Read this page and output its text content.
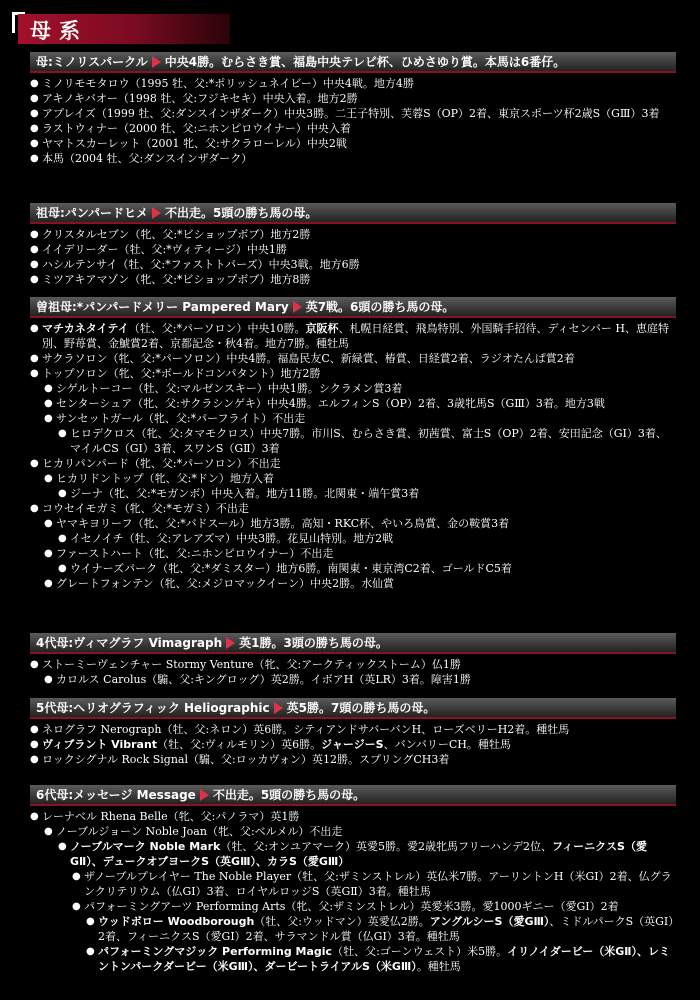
母系
母:ミノリスパークル 中央4勝。むらさき賞、福島中央テレビ杯、ひめさゆり賞。本馬は6番仔。
● ミノリモモタロウ（1995 牡、父:*ポリッシュネイビー）中央4戦。地方4勝
● アキノキバオー（1998 牡、父:フジキセキ）中央入着。地方2勝
● アプレイズ（1999 牡、父:ダンスインザダーク）中央3勝。二王子特別、芙蓉S（OP）2着、東京スポーツ杯2歳S（GⅢ）3着
● ラストウィナー（2000 牡、父:ニホンピロウイナー）中央入着
● ヤマトスカーレット（2001 牝、父:サクラローレル）中央2戦
● 本馬（2004 牡、父:ダンスインザダーク）
祖母:パンパードヒメ 不出走。5頭の勝ち馬の母。
● クリスタルセブン（牝、父:*ビショップボブ）地方2勝
● イイデリーダー（牡、父:*ヴィティージ）中央1勝
● ハシルテンサイ（牡、父:*ファストトパーズ）中央3戦。地方6勝
● ミツアキアマゾン（牝、父:*ビショップボブ）地方8勝
曽祖母:*パンパードメリー Pampered Mary 英7戦。6頭の勝ち馬の母。
● マチカネタイテイ（牡、父:*パーソロン）中央10勝。京阪杯、札幌日経賞、飛鳥特別、外国騎手招待、ディセンバー H、恵庭特別、野苺賞、金鯱賞2着、京都記念・秋4着。地方7勝。種牡馬
● サクラソロン（牝、父:*パーソロン）中央4勝。福島民友C、新緑賞、椿賞、日経賞2着、ラジオたんぱ賞2着
● トップソロン（牝、父:*ボールドコンパタント）地方2勝
● シゲルトーコー（牡、父:マルゼンスキー）中央1勝。シクラメン賞3着
● センターシュア（牝、父:サクラシンゲキ）中央4勝。エルフィンS（OP）2着、3歳牝馬S（GⅢ）3着。地方3戦
● サンセットガール（牝、父:*パーフライト）不出走
● ヒロデクロス（牝、父:タマモクロス）中央7勝。市川S、むらさき賞、初茜賞、富士S（OP）2着、安田記念（GⅠ）3着、マイルCS（GⅠ）3着、スワンS（GⅡ）3着
● ヒカリパンパード（牝、父:*パーソロン）不出走
● ヒカリドントップ（牝、父:*ドン）地方入着
● ジーナ（牝、父:*モガンボ）中央入着。地方11勝。北関東・端午賞3着
● コウセイモガミ（牝、父:*モガミ）不出走
● ヤマキヨリーフ（牝、父:*バドスール）地方3勝。高知・RKC杯、やいろ鳥賞、金の鞍賞3着
● イセノイチ（牡、父:アレアズマ）中央3勝。花見山特別。地方2戦
● ファーストハート（牝、父:ニホンピロウイナー）不出走
● ウイナーズパーク（牝、父:*ダミスター）地方6勝。南関東・東京湾C2着、ゴールドC5着
● グレートフォンテン（牝、父:メジロマックイーン）中央2勝。水仙賞
4代母:ヴィマグラフ Vimagraph 英1勝。3頭の勝ち馬の母。
● ストーミーヴェンチャー Stormy Venture（牝、父:アークティックストーム）仏1勝
● カロルス Carolus（騸、父:キングロッグ）英2勝。イボアH（英LR）3着。障害1勝
5代母:ヘリオグラフィック Heliographic 英5勝。7頭の勝ち馬の母。
● ネログラフ Nerograph（牡、父:ネロン）英6勝。シティアンドサバーバンH、ローズベリーH2着。種牡馬
● ヴィブラント Vibrant（牡、父:ヴィルモリン）英6勝。ジャージーS、バンバリーCH。種牡馬
● ロックシグナル Rock Signal（騸、父:ロッカヴォン）英12勝。スプリングCH3着
6代母:メッセージ Message 不出走。5頭の勝ち馬の母。
● レーナベル Rhena Belle（牝、父:パノラマ）英1勝
● ノーブルジョーン Noble Joan（牝、父:ベルメル）不出走
● ノーブルマーク Noble Mark（牡、父:オンユアマーク）英愛5勝。愛2歳牝馬フリーハンデ2位、フィーニクスS（愛GⅡ）、デュークオブヨークS（英GⅢ）、カラS（愛GⅢ）
● ザノーブルプレイヤー The Noble Player（牡、父:ザミンストレル）英仏米7勝。アーリントンH（米GⅠ）2着、仏グランクリテリウム（仏GⅠ）3着、ロイヤルロッジS（英GⅡ）3着。種牡馬
● パフォーミングアーツ Performing Arts（牝、父:ザミンストレル）英愛米3勝。愛1000ギニー（愛GⅠ）2着
● ウッドボロー Woodborough（牡、父:ウッドマン）英愛仏2勝。アングルシーS（愛GⅢ）、ミドルパークS（英GⅠ）2着、フィーニクスS（愛GⅠ）2着、サラマンドル賞（仏GⅠ）3着。種牡馬
● パフォーミングマジック Performing Magic（牡、父:ゴーンウェスト）米5勝。イリノイダービー（米GⅡ）、レミントンパークダービー（米GⅢ）、ダービートライアルS（米GⅢ）。種牡馬
